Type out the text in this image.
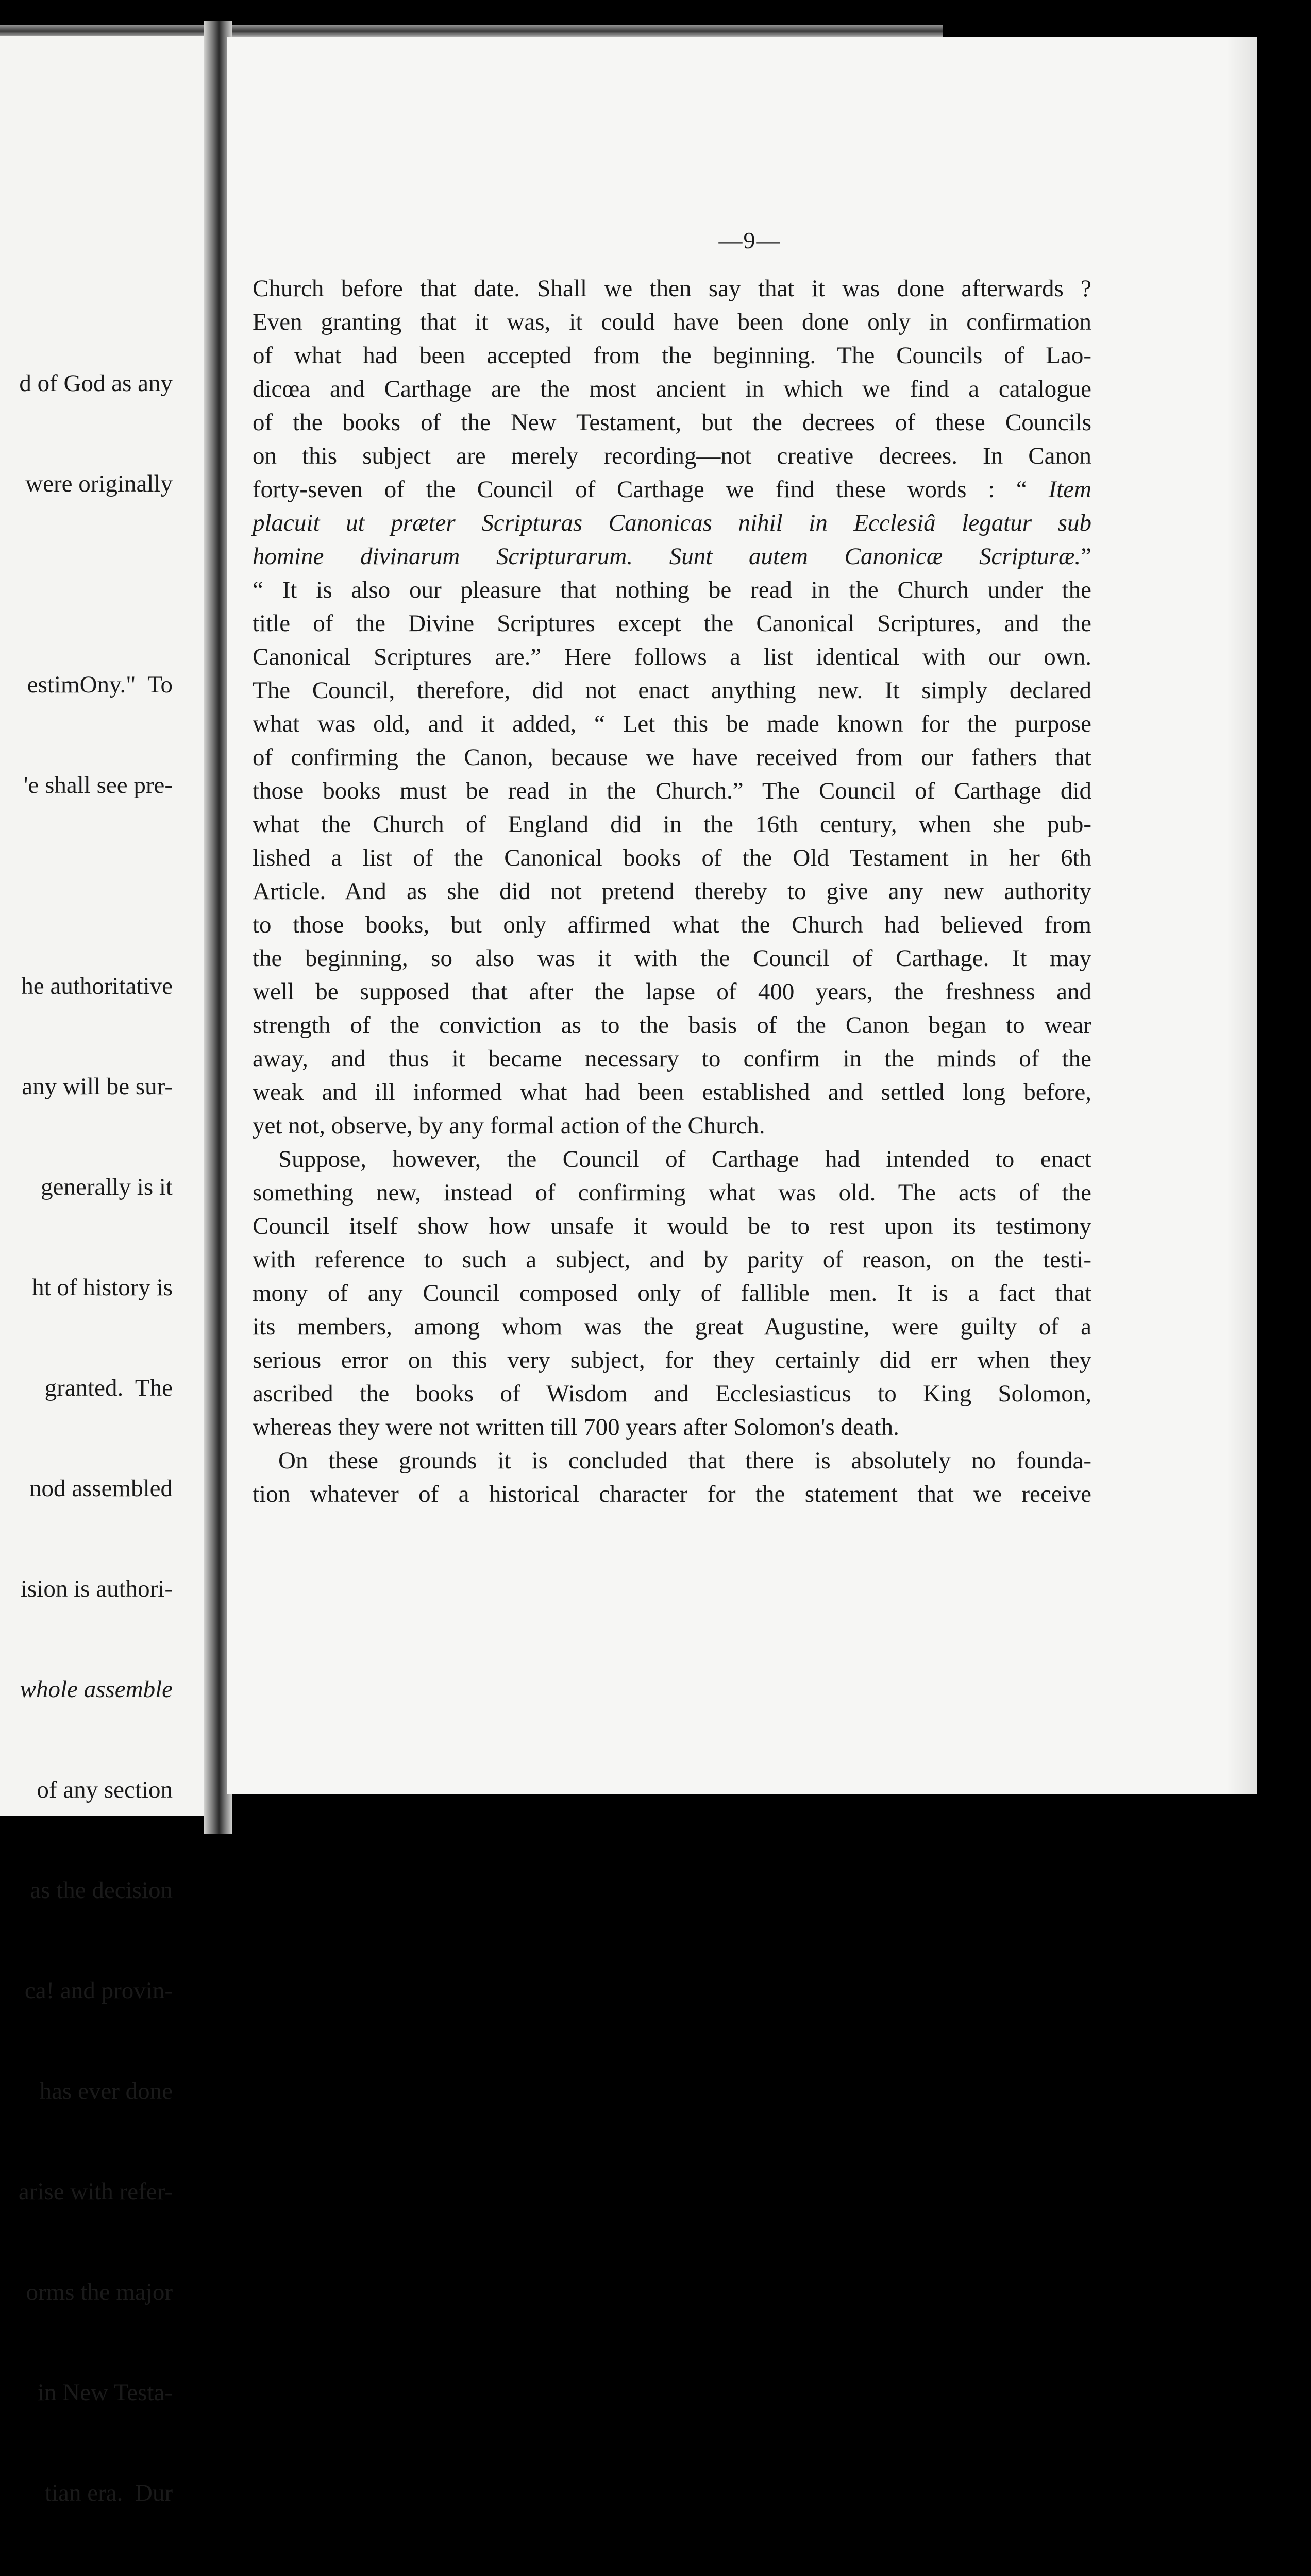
d of God as any

were originally

estimOny."  To

'e shall see pre-

he authoritative

any will be sur-

generally is it

ht of history is

granted.  The

nod assembled

ision is authori-

whole assemble

of any section

as the decision

ca! and provin-

has ever done

arise with refer-

orms the major

in New Testa-

tian era.  Dur

—9—
Church before that date. Shall we then say that it was done afterwards ?
Even granting that it was, it could have been done only in confirmation
of what had been accepted from the beginning. The Councils of Lao-
dicœa and Carthage are the most ancient in which we find a catalogue
of the books of the New Testament, but the decrees of these Councils
on this subject are merely recording—not creative decrees. In Canon
forty-seven of the Council of Carthage we find these words : “ Item
placuit ut præter Scripturas Canonicas nihil in Ecclesiâ legatur sub
homine divinarum Scripturarum. Sunt autem Canonicæ Scripturæ.”
“ It is also our pleasure that nothing be read in the Church under the
title of the Divine Scriptures except the Canonical Scriptures, and the
Canonical Scriptures are.” Here follows a list identical with our own.
The Council, therefore, did not enact anything new. It simply declared
what was old, and it added, “ Let this be made known for the purpose
of confirming the Canon, because we have received from our fathers that
those books must be read in the Church.” The Council of Carthage did
what the Church of England did in the 16th century, when she pub-
lished a list of the Canonical books of the Old Testament in her 6th
Article. And as she did not pretend thereby to give any new authority
to those books, but only affirmed what the Church had believed from
the beginning, so also was it with the Council of Carthage. It may
well be supposed that after the lapse of 400 years, the freshness and
strength of the conviction as to the basis of the Canon began to wear
away, and thus it became necessary to confirm in the minds of the
weak and ill informed what had been established and settled long before,
yet not, observe, by any formal action of the Church.
Suppose, however, the Council of Carthage had intended to enact
something new, instead of confirming what was old. The acts of the
Council itself show how unsafe it would be to rest upon its testimony
with reference to such a subject, and by parity of reason, on the testi-
mony of any Council composed only of fallible men. It is a fact that
its members, among whom was the great Augustine, were guilty of a
serious error on this very subject, for they certainly did err when they
ascribed the books of Wisdom and Ecclesiasticus to King Solomon,
whereas they were not written till 700 years after Solomon's death.
On these grounds it is concluded that there is absolutely no founda-
tion whatever of a historical character for the statement that we receive
